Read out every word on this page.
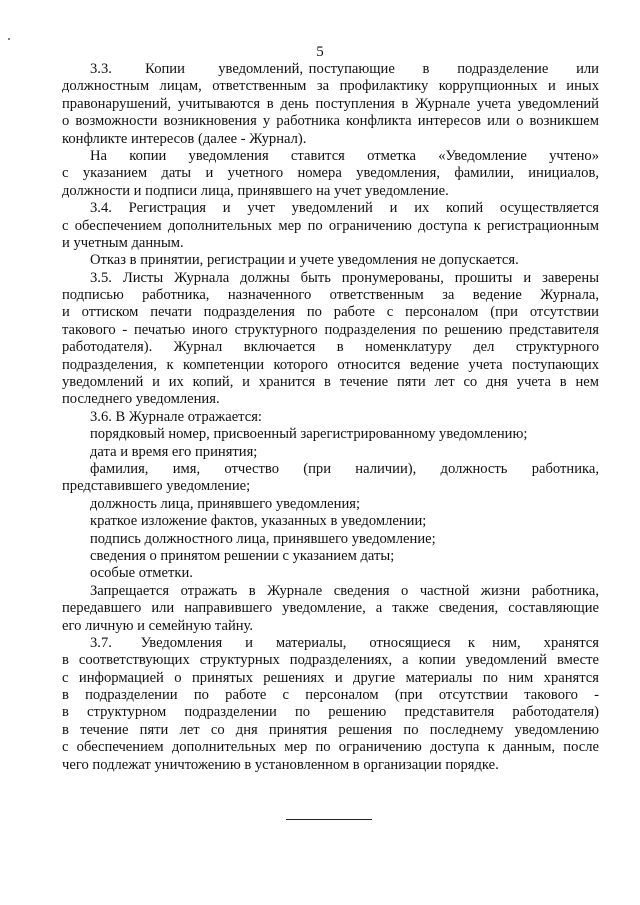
5
3.3.      Копии      уведомлений, поступающие     в     подразделение     или
должностным лицам, ответственным за профилактику коррупционных и иных
правонарушений, учитываются в день поступления в Журнале учета уведомлений
о возможности возникновения у работника конфликта интересов или о возникшем
конфликте интересов (далее - Журнал).
На копии уведомления ставится отметка «Уведомление учтено»
с указанием даты и учетного номера уведомления, фамилии, инициалов,
должности и подписи лица, принявшего на учет уведомление.
3.4. Регистрация и учет уведомлений и их копий осуществляется
с обеспечением дополнительных мер по ограничению доступа к регистрационным
и учетным данным.
Отказ в принятии, регистрации и учете уведомления не допускается.
3.5. Листы Журнала должны быть пронумерованы, прошиты и заверены
подписью работника, назначенного ответственным за ведение Журнала,
и оттиском печати подразделения по работе с персоналом (при отсутствии
такового - печатью иного структурного подразделения по решению представителя
работодателя). Журнал включается в номенклатуру дел структурного
подразделения, к компетенции которого относится ведение учета поступающих
уведомлений и их копий, и хранится в течение пяти лет со дня учета в нем
последнего уведомления.
3.6. В Журнале отражается:
порядковый номер, присвоенный зарегистрированному уведомлению;
дата и время его принятия;
фамилия, имя, отчество (при наличии), должность работника,
представившего уведомление;
должность лица, принявшего уведомления;
краткое изложение фактов, указанных в уведомлении;
подпись должностного лица, принявшего уведомление;
сведения о принятом решении с указанием даты;
особые отметки.
Запрещается отражать в Журнале сведения о частной жизни работника,
передавшего или направившего уведомление, а также сведения, составляющие
его личную и семейную тайну.
3.7.     Уведомления    и    материалы,    относящиеся   к   ним,    хранятся
в соответствующих структурных подразделениях, а копии уведомлений вместе
с информацией о принятых решениях и другие материалы по ним хранятся
в подразделении по работе с персоналом (при отсутствии такового -
в структурном подразделении по решению представителя работодателя)
в течение пяти лет со дня принятия решения по последнему уведомлению
с обеспечением дополнительных мер по ограничению доступа к данным, после
чего подлежат уничтожению в установленном в организации порядке.
